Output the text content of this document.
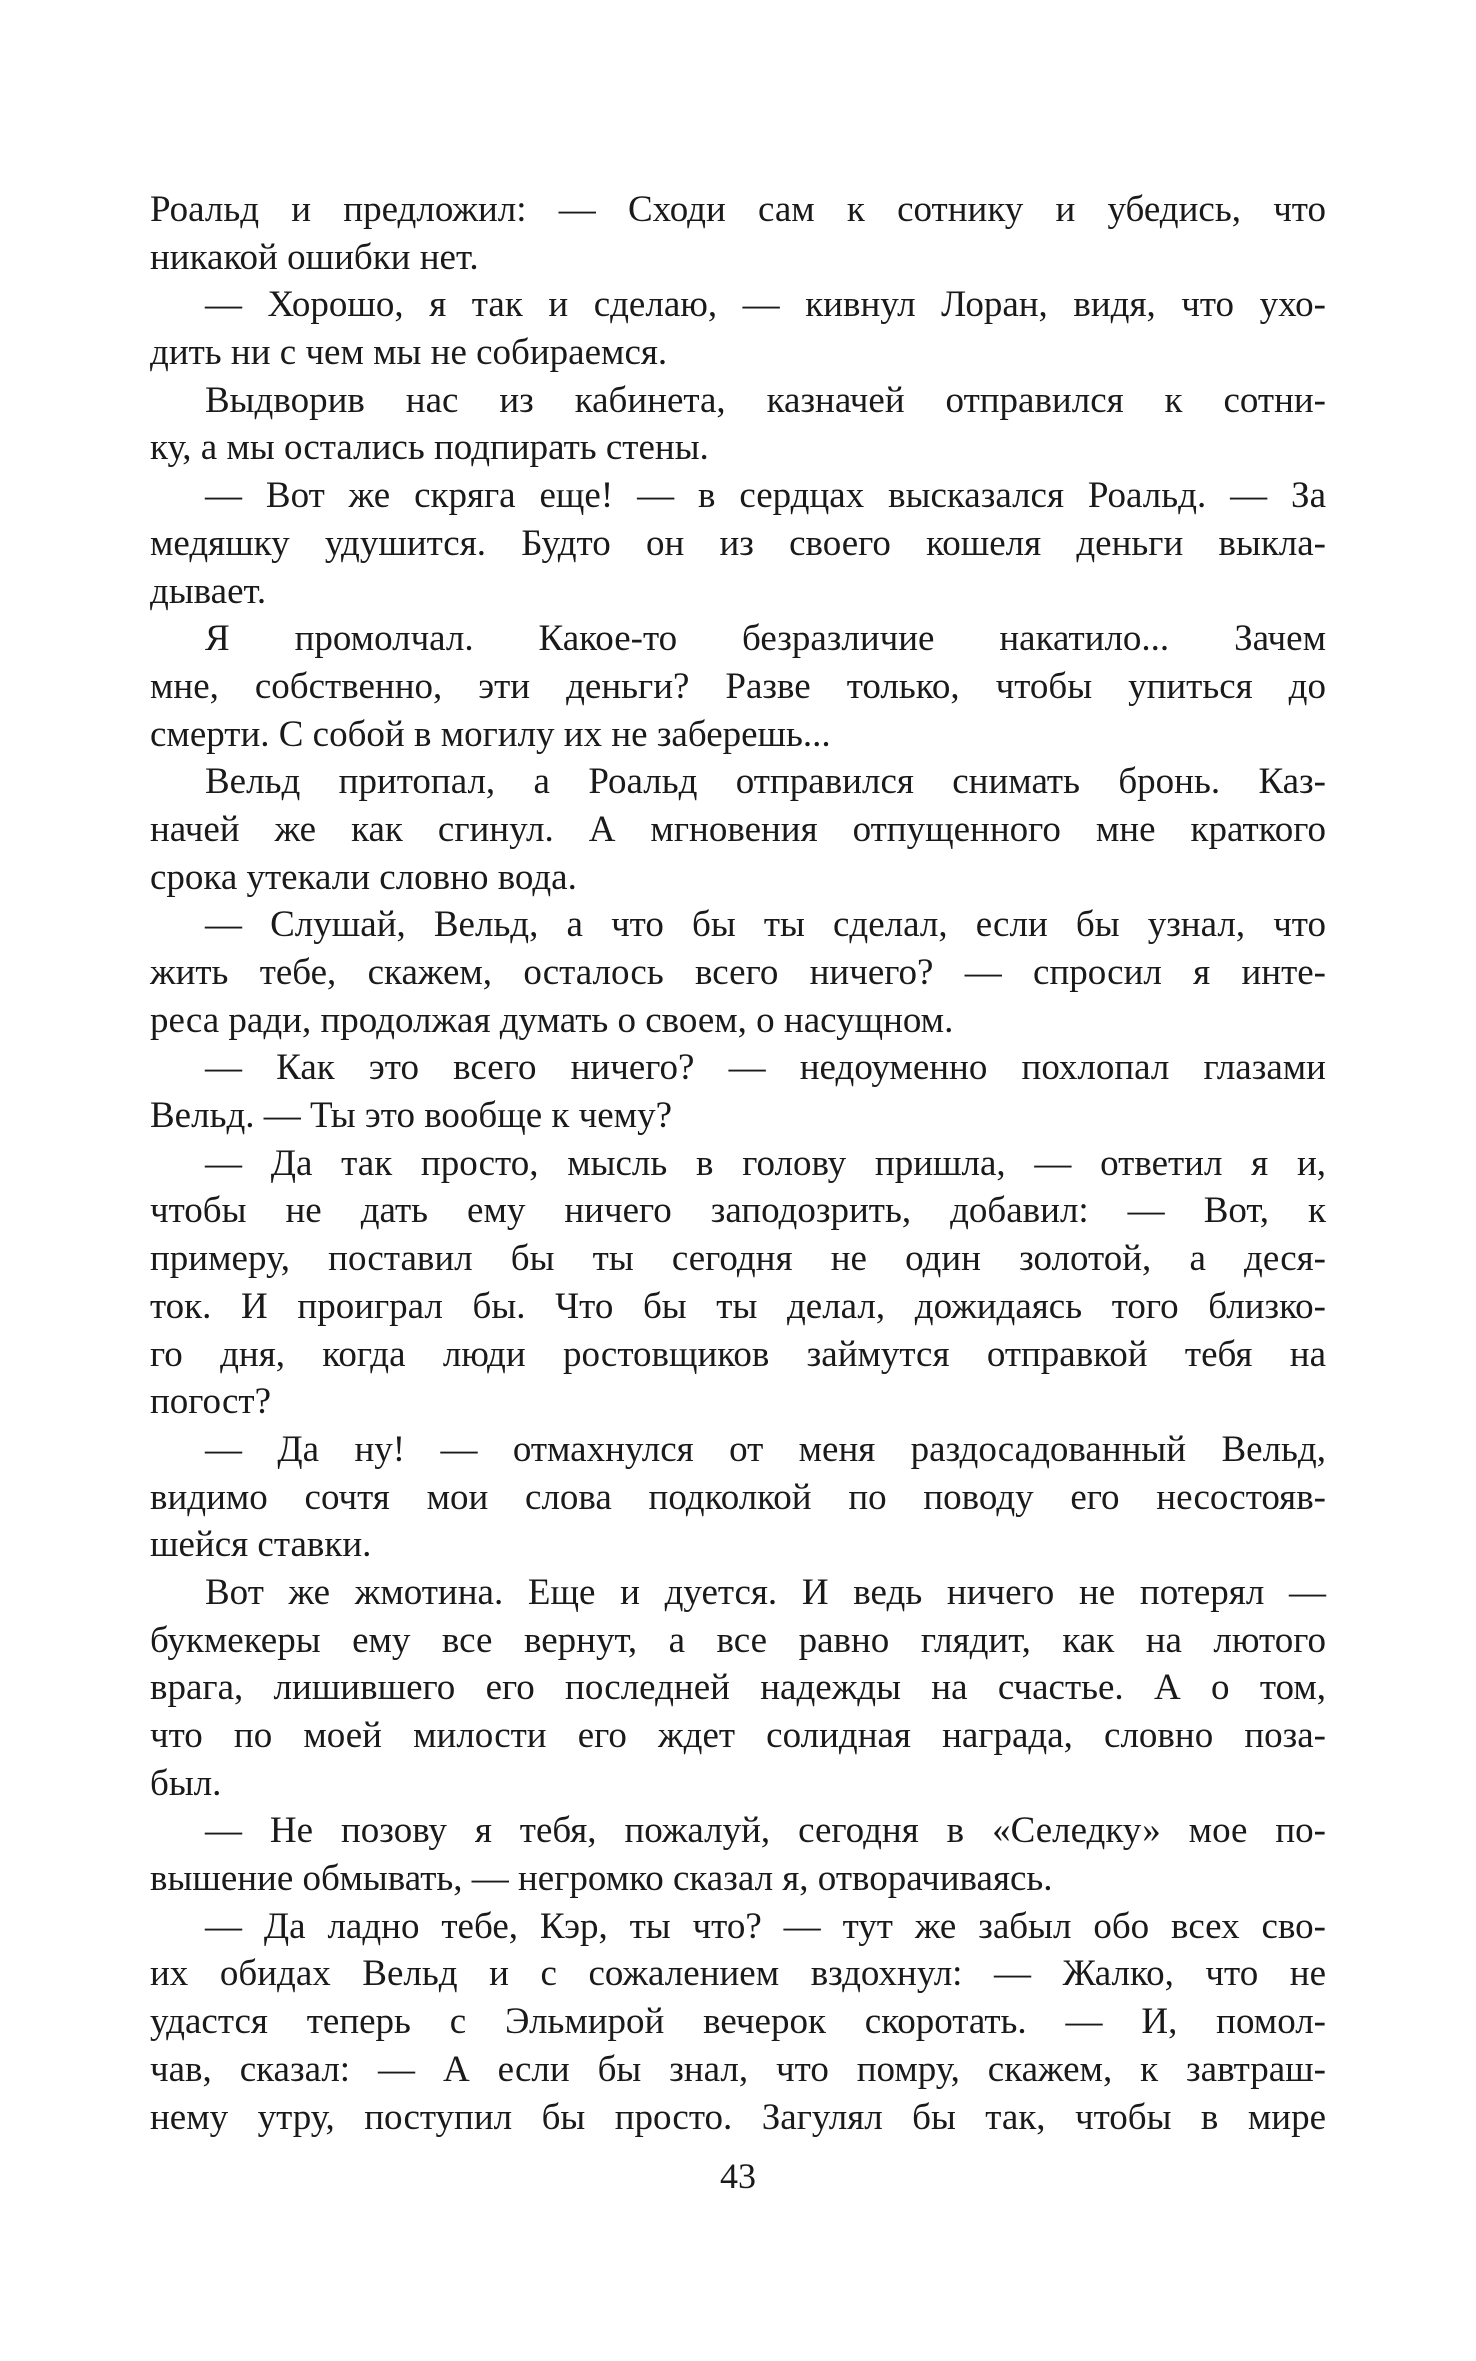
Роальд и предложил: — Сходи сам к сотнику и убедись, что
никакой ошибки нет.
— Хорошо, я так и сделаю, — кивнул Лоран, видя, что ухо-
дить ни с чем мы не собираемся.
Выдворив нас из кабинета, казначей отправился к сотни-
ку, а мы остались подпирать стены.
— Вот же скряга еще! — в сердцах высказался Роальд. — За
медяшку удушится. Будто он из своего кошеля деньги выкла-
дывает.
Я промолчал. Какое-то безразличие накатило... Зачем
мне, собственно, эти деньги? Разве только, чтобы упиться до
смерти. С собой в могилу их не заберешь...
Вельд притопал, а Роальд отправился снимать бронь. Каз-
начей же как сгинул. А мгновения отпущенного мне краткого
срока утекали словно вода.
— Слушай, Вельд, а что бы ты сделал, если бы узнал, что
жить тебе, скажем, осталось всего ничего? — спросил я инте-
реса ради, продолжая думать о своем, о насущном.
— Как это всего ничего? — недоуменно похлопал глазами
Вельд. — Ты это вообще к чему?
— Да так просто, мысль в голову пришла, — ответил я и,
чтобы не дать ему ничего заподозрить, добавил: — Вот, к
примеру, поставил бы ты сегодня не один золотой, а деся-
ток. И проиграл бы. Что бы ты делал, дожидаясь того близко-
го дня, когда люди ростовщиков займутся отправкой тебя на
погост?
— Да ну! — отмахнулся от меня раздосадованный Вельд,
видимо сочтя мои слова подколкой по поводу его несостояв-
шейся ставки.
Вот же жмотина. Еще и дуется. И ведь ничего не потерял —
букмекеры ему все вернут, а все равно глядит, как на лютого
врага, лишившего его последней надежды на счастье. А о том,
что по моей милости его ждет солидная награда, словно поза-
был.
— Не позову я тебя, пожалуй, сегодня в «Селедку» мое по-
вышение обмывать, — негромко сказал я, отворачиваясь.
— Да ладно тебе, Кэр, ты что? — тут же забыл обо всех сво-
их обидах Вельд и с сожалением вздохнул: — Жалко, что не
удастся теперь с Эльмирой вечерок скоротать. — И, помол-
чав, сказал: — А если бы знал, что помру, скажем, к завтраш-
нему утру, поступил бы просто. Загулял бы так, чтобы в мире
43
